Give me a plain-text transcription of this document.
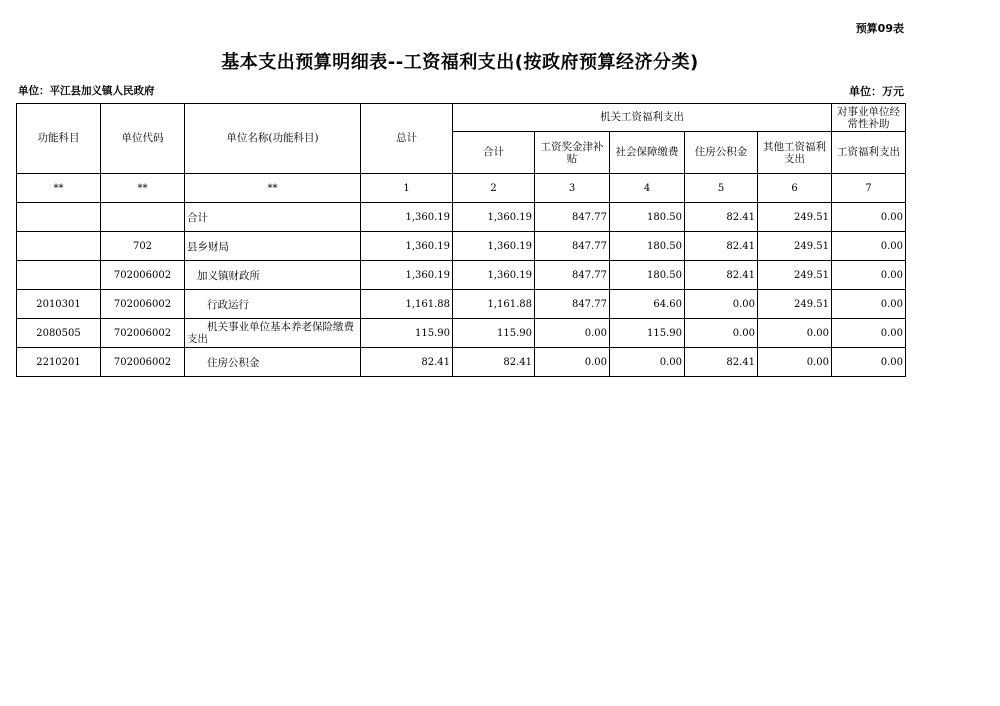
预算09表
基本支出预算明细表--工资福利支出(按政府预算经济分类)
单位：平江县加义镇人民政府	单位：万元
功能科目	单位代码	单位名称(功能科目)	总计	机关工资福利支出					对事业单位经常性补助
				合计	工资奖金津补贴	社会保障缴费	住房公积金	其他工资福利支出	工资福利支出
**	**	**	1	2	3	4	5	6	7
		合计	1,360.19	1,360.19	847.77	180.50	82.41	249.51	0.00
	702	县乡财局	1,360.19	1,360.19	847.77	180.50	82.41	249.51	0.00
	702006002	加义镇财政所	1,360.19	1,360.19	847.77	180.50	82.41	249.51	0.00
2010301	702006002	行政运行	1,161.88	1,161.88	847.77	64.60	0.00	249.51	0.00
2080505	702006002	机关事业单位基本养老保险缴费支出	115.90	115.90	0.00	115.90	0.00	0.00	0.00
2210201	702006002	住房公积金	82.41	82.41	0.00	0.00	82.41	0.00	0.00
